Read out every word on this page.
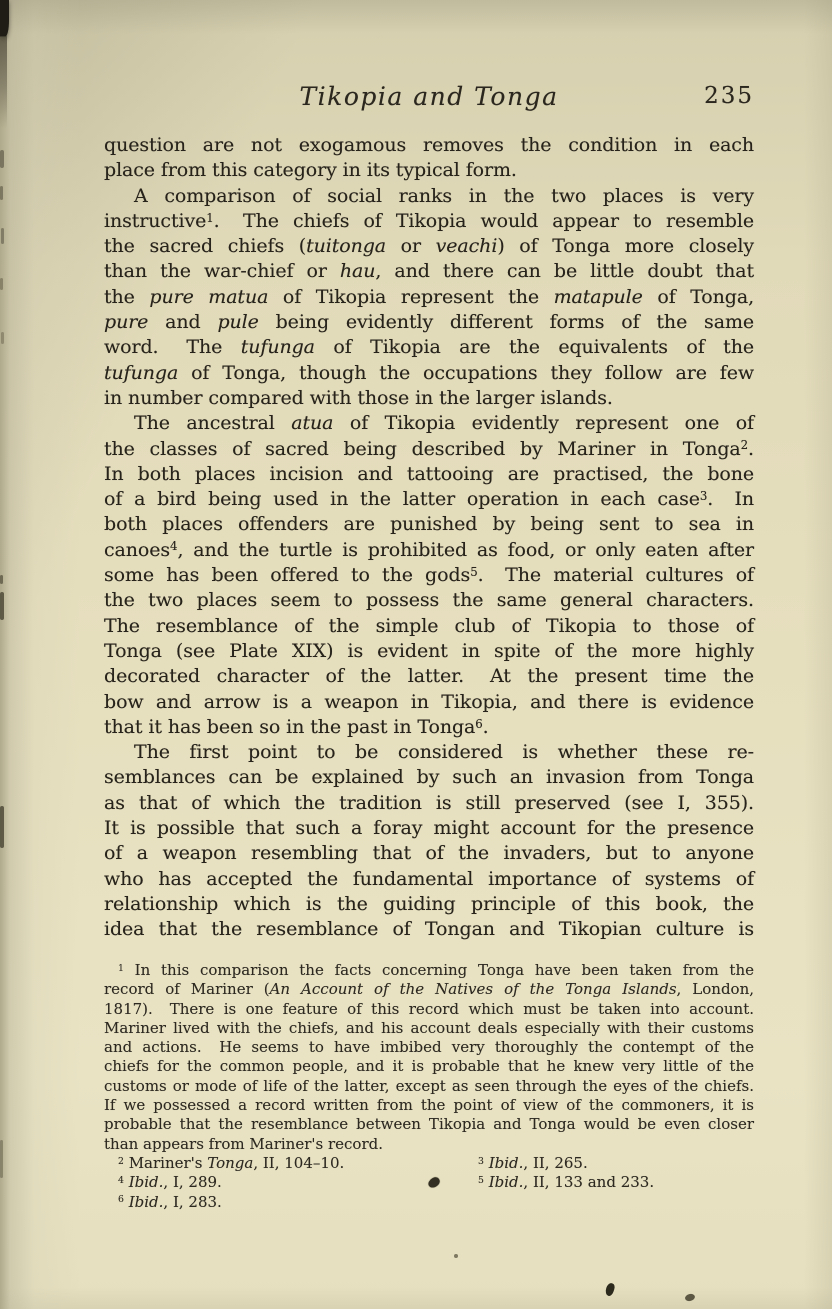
Tikopia and Tonga	235
question are not exogamous removes the condition in each
place from this category in its typical form.
A comparison of social ranks in the two places is very
instructive$^1$.  The chiefs of Tikopia would appear to resemble
the sacred chiefs (tuitonga or veachi) of Tonga more closely
than the war-chief or hau, and there can be little doubt that
the pure matua of Tikopia represent the matapule of Tonga,
pure and pule being evidently different forms of the same
word.  The tufunga of Tikopia are the equivalents of the
tufunga of Tonga, though the occupations they follow are few
in number compared with those in the larger islands.
The ancestral atua of Tikopia evidently represent one of
the classes of sacred being described by Mariner in Tonga$^2$.
In both places incision and tattooing are practised, the bone
of a bird being used in the latter operation in each case$^3$.  In
both places offenders are punished by being sent to sea in
canoes$^4$, and the turtle is prohibited as food, or only eaten after
some has been offered to the gods$^5$.  The material cultures of
the two places seem to possess the same general characters.
The resemblance of the simple club of Tikopia to those of
Tonga (see Plate XIX) is evident in spite of the more highly
decorated character of the latter.  At the present time the
bow and arrow is a weapon in Tikopia, and there is evidence
that it has been so in the past in Tonga$^6$.
The first point to be considered is whether these re-
semblances can be explained by such an invasion from Tonga
as that of which the tradition is still preserved (see I, 355).
It is possible that such a foray might account for the presence
of a weapon resembling that of the invaders, but to anyone
who has accepted the fundamental importance of systems of
relationship which is the guiding principle of this book, the
idea that the resemblance of Tongan and Tikopian culture is
$^1$ In this comparison the facts concerning Tonga have been taken from the
record of Mariner (An Account of the Natives of the Tonga Islands, London,
1817).  There is one feature of this record which must be taken into account.
Mariner lived with the chiefs, and his account deals especially with their customs
and actions.  He seems to have imbibed very thoroughly the contempt of the
chiefs for the common people, and it is probable that he knew very little of the
customs or mode of life of the latter, except as seen through the eyes of the chiefs.
If we possessed a record written from the point of view of the commoners, it is
probable that the resemblance between Tikopia and Tonga would be even closer
than appears from Mariner's record.
$^2$ Mariner's Tonga, II, 104–10.	$^3$ Ibid., II, 265.
$^4$ Ibid., I, 289.	$^5$ Ibid., II, 133 and 233.
$^6$ Ibid., I, 283.
